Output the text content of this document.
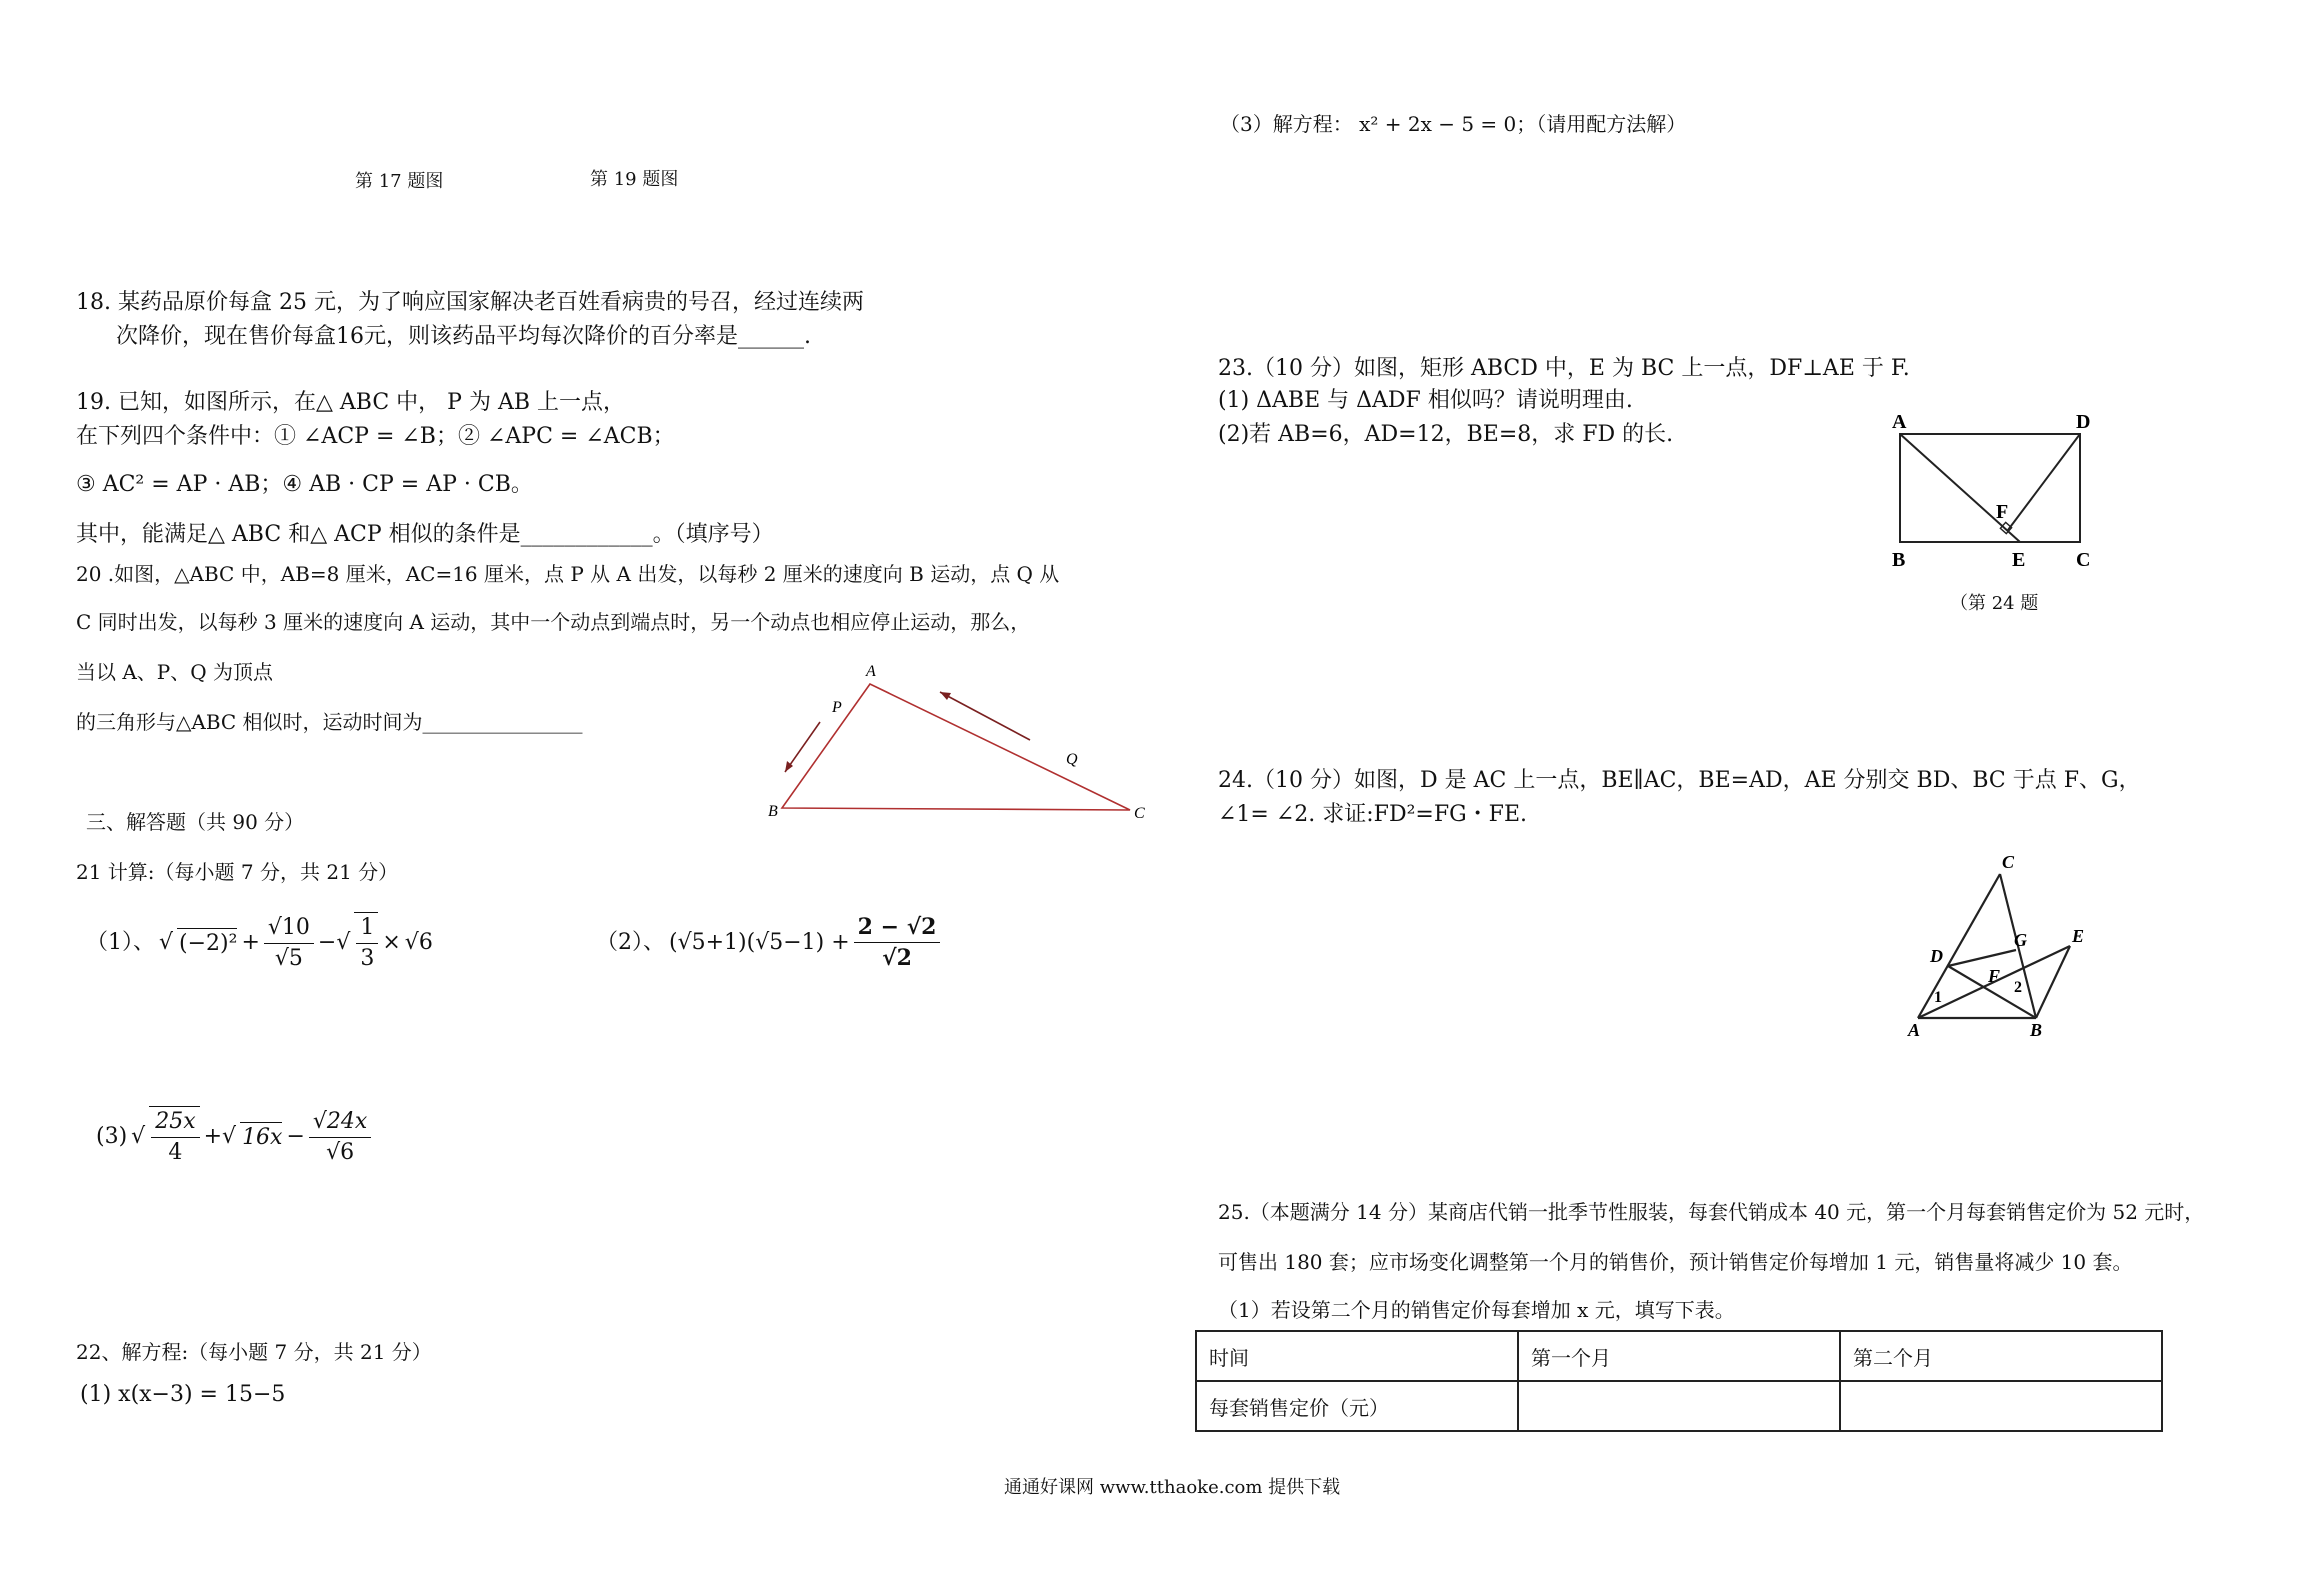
第 17 题图	第 19 题图
18. 某药品原价每盒 25 元，为了响应国家解决老百姓看病贵的号召，经过连续两
次降价，现在售价每盒16元，则该药品平均每次降价的百分率是______.
19. 已知，如图所示，在△ ABC 中， P 为 AB 上一点，
在下列四个条件中：① ∠ACP = ∠B；② ∠APC = ∠ACB；
③ AC² = AP · AB；④ AB · CP = AP · CB。
其中，能满足△ ABC 和△ ACP 相似的条件是____________。（填序号）
20 .如图，△ABC 中，AB=8 厘米，AC=16 厘米，点 P 从 A 出发，以每秒 2 厘米的速度向 B 运动，点 Q 从
C 同时出发，以每秒 3 厘米的速度向 A 运动，其中一个动点到端点时，另一个动点也相应停止运动，那么，
当以 A、P、Q 为顶点
的三角形与△ABC 相似时，运动时间为________________
A
P
B	C
Q
三、解答题（共 90 分）
21 计算:（每小题 7 分，共 21 分）
（1）、 √ $(-2)^2 + \frac{√10}{√5}$ −√ $\frac{1}{3} \times √6$	（2）、 $(√5+1)(√5-1) + \frac{2 - √2}{√2}$
(3) √ $\frac{25x}{4}$ +√ $16x - \frac{√24x}{√6}$
22、解方程:（每小题 7 分，共 21 分）
(1) x(x−3) = 15−5
（3）解方程： x² + 2x − 5 = 0；（请用配方法解）
23.（10 分）如图，矩形 ABCD 中，E 为 BC 上一点，DF⊥AE 于 F.
(1) ΔABE 与 ΔADF 相似吗？请说明理由.
(2)若 AB=6，AD=12，BE=8，求 FD 的长.	A	D
F
B	E	C
（第 24 题
24.（10 分）如图，D 是 AC 上一点，BE∥AC，BE=AD，AE 分别交 BD、BC 于点 F、G，
∠1= ∠2. 求证:FD²=FG・FE.
C
D
G	E
F
1
2
A	B
25.（本题满分 14 分）某商店代销一批季节性服装，每套代销成本 40 元，第一个月每套销售定价为 52 元时，
可售出 180 套；应市场变化调整第一个月的销售价，预计销售定价每增加 1 元，销售量将减少 10 套。
（1）若设第二个月的销售定价每套增加 x 元，填写下表。
时间	第一个月	第二个月
每套销售定价（元）		
通通好课网 www.tthaoke.com 提供下载
